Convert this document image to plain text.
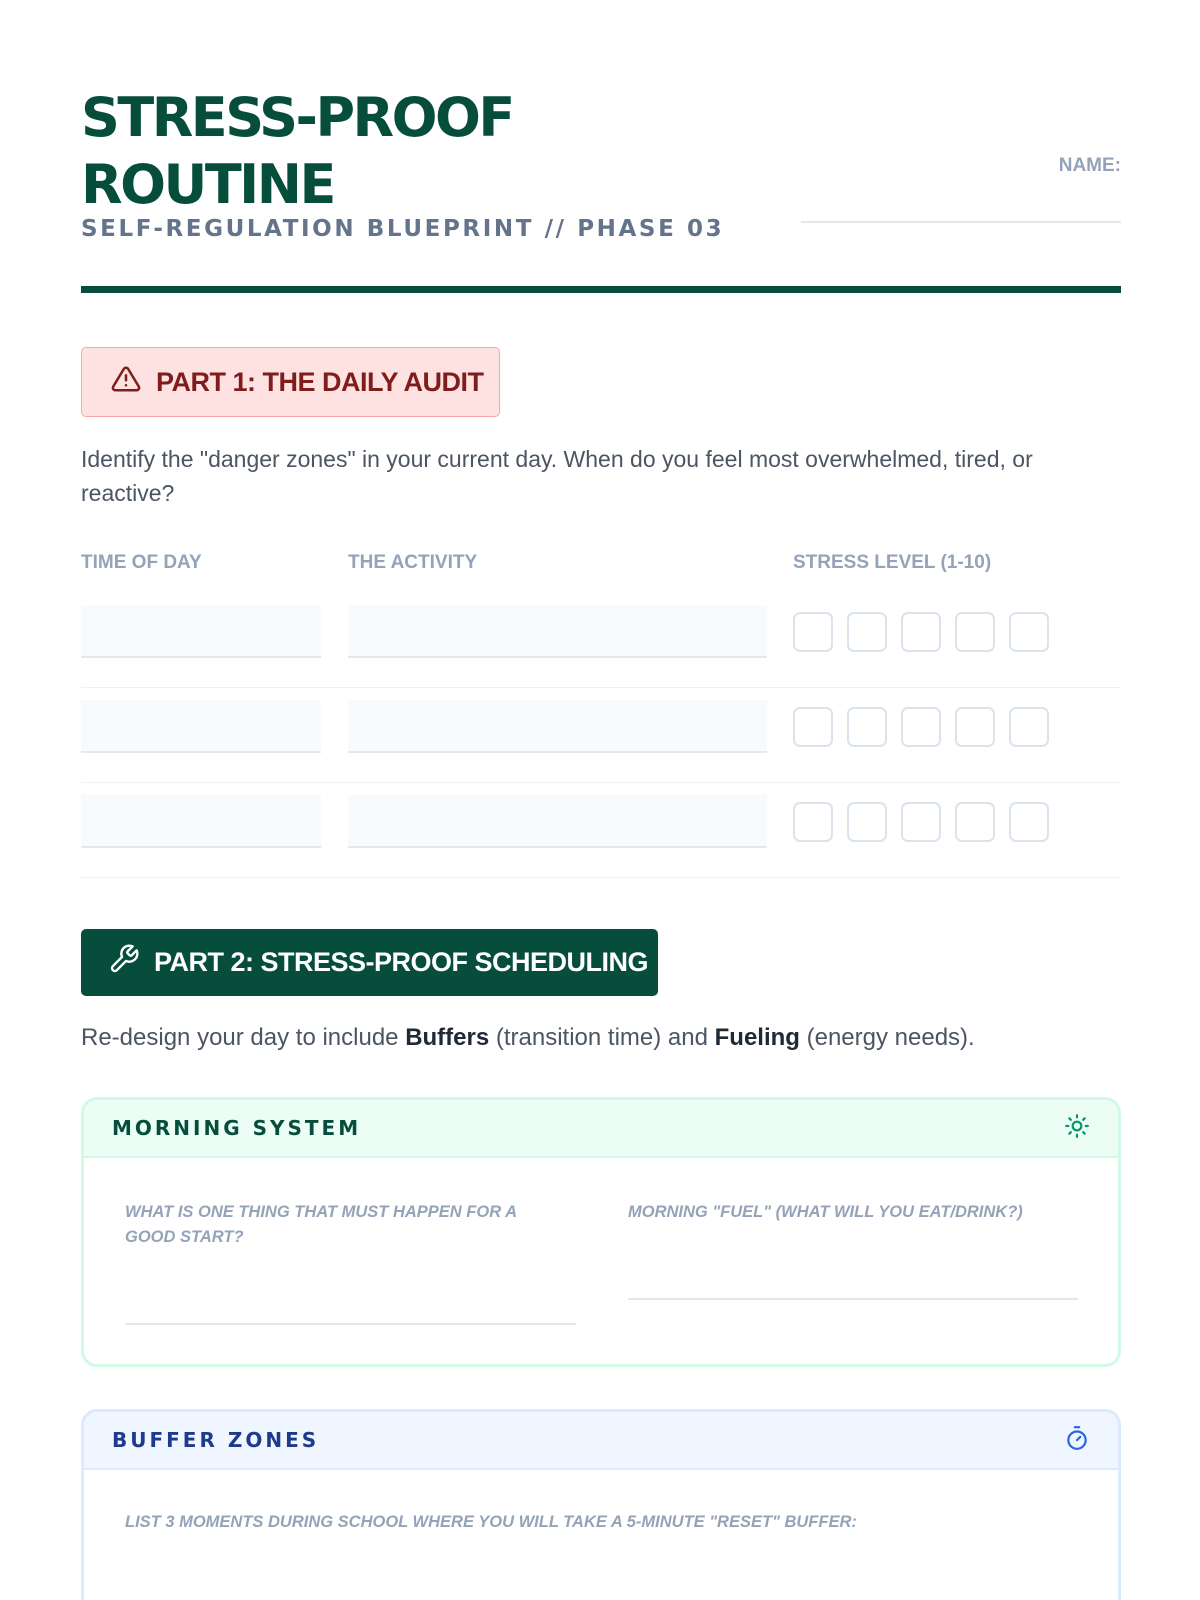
STRESS-PROOF
ROUTINE
SELF-REGULATION BLUEPRINT // PHASE 03
NAME:
PART 1: THE DAILY AUDIT
Identify the "danger zones" in your current day. When do you feel most overwhelmed, tired, or reactive?
TIME OF DAY	THE ACTIVITY	STRESS LEVEL (1-10)
PART 2: STRESS-PROOF SCHEDULING
Re-design your day to include Buffers (transition time) and Fueling (energy needs).
MORNING SYSTEM
WHAT IS ONE THING THAT MUST HAPPEN FOR A GOOD START?
MORNING "FUEL" (WHAT WILL YOU EAT/DRINK?)
BUFFER ZONES
LIST 3 MOMENTS DURING SCHOOL WHERE YOU WILL TAKE A 5-MINUTE "RESET" BUFFER:
